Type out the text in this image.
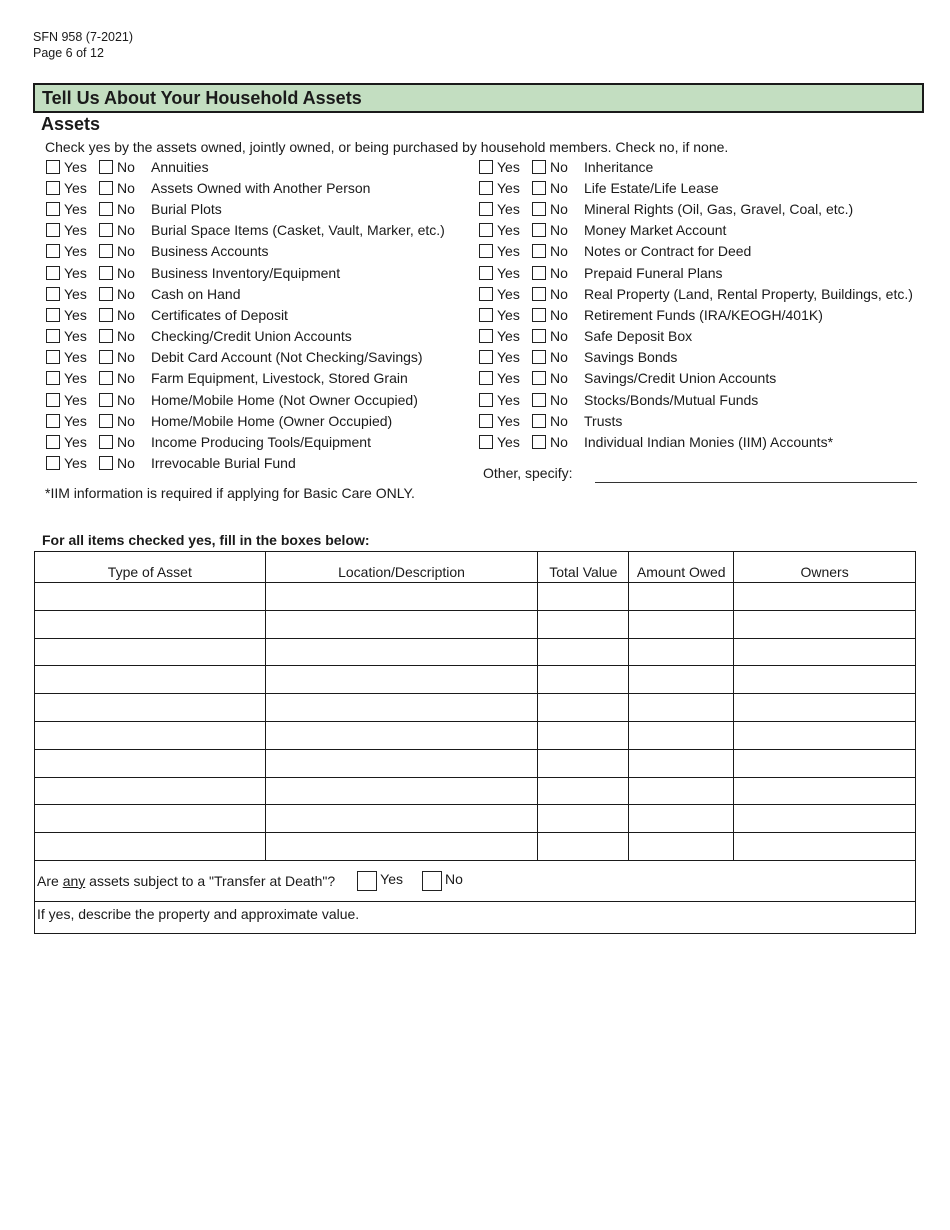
SFN 958 (7-2021)
Page 6 of 12
Tell Us About Your Household Assets
Assets
Check yes by the assets owned, jointly owned, or being purchased by household members. Check no, if none.
Yes No Annuities
Yes No Assets Owned with Another Person
Yes No Burial Plots
Yes No Burial Space Items (Casket, Vault, Marker, etc.)
Yes No Business Accounts
Yes No Business Inventory/Equipment
Yes No Cash on Hand
Yes No Certificates of Deposit
Yes No Checking/Credit Union Accounts
Yes No Debit Card Account (Not Checking/Savings)
Yes No Farm Equipment, Livestock, Stored Grain
Yes No Home/Mobile Home (Not Owner Occupied)
Yes No Home/Mobile Home (Owner Occupied)
Yes No Income Producing Tools/Equipment
Yes No Irrevocable Burial Fund
Yes No Inheritance
Yes No Life Estate/Life Lease
Yes No Mineral Rights (Oil, Gas, Gravel, Coal, etc.)
Yes No Money Market Account
Yes No Notes or Contract for Deed
Yes No Prepaid Funeral Plans
Yes No Real Property (Land, Rental Property, Buildings, etc.)
Yes No Retirement Funds (IRA/KEOGH/401K)
Yes No Safe Deposit Box
Yes No Savings Bonds
Yes No Savings/Credit Union Accounts
Yes No Stocks/Bonds/Mutual Funds
Yes No Trusts
Yes No Individual Indian Monies (IIM) Accounts*
Other, specify:
*IIM information is required if applying for Basic Care ONLY.
For all items checked yes, fill in the boxes below:
Type of Asset	Location/Description	Total Value	Amount Owed	Owners

Are any assets subject to a "Transfer at Death"? Yes No				

If yes, describe the property and approximate value.				
